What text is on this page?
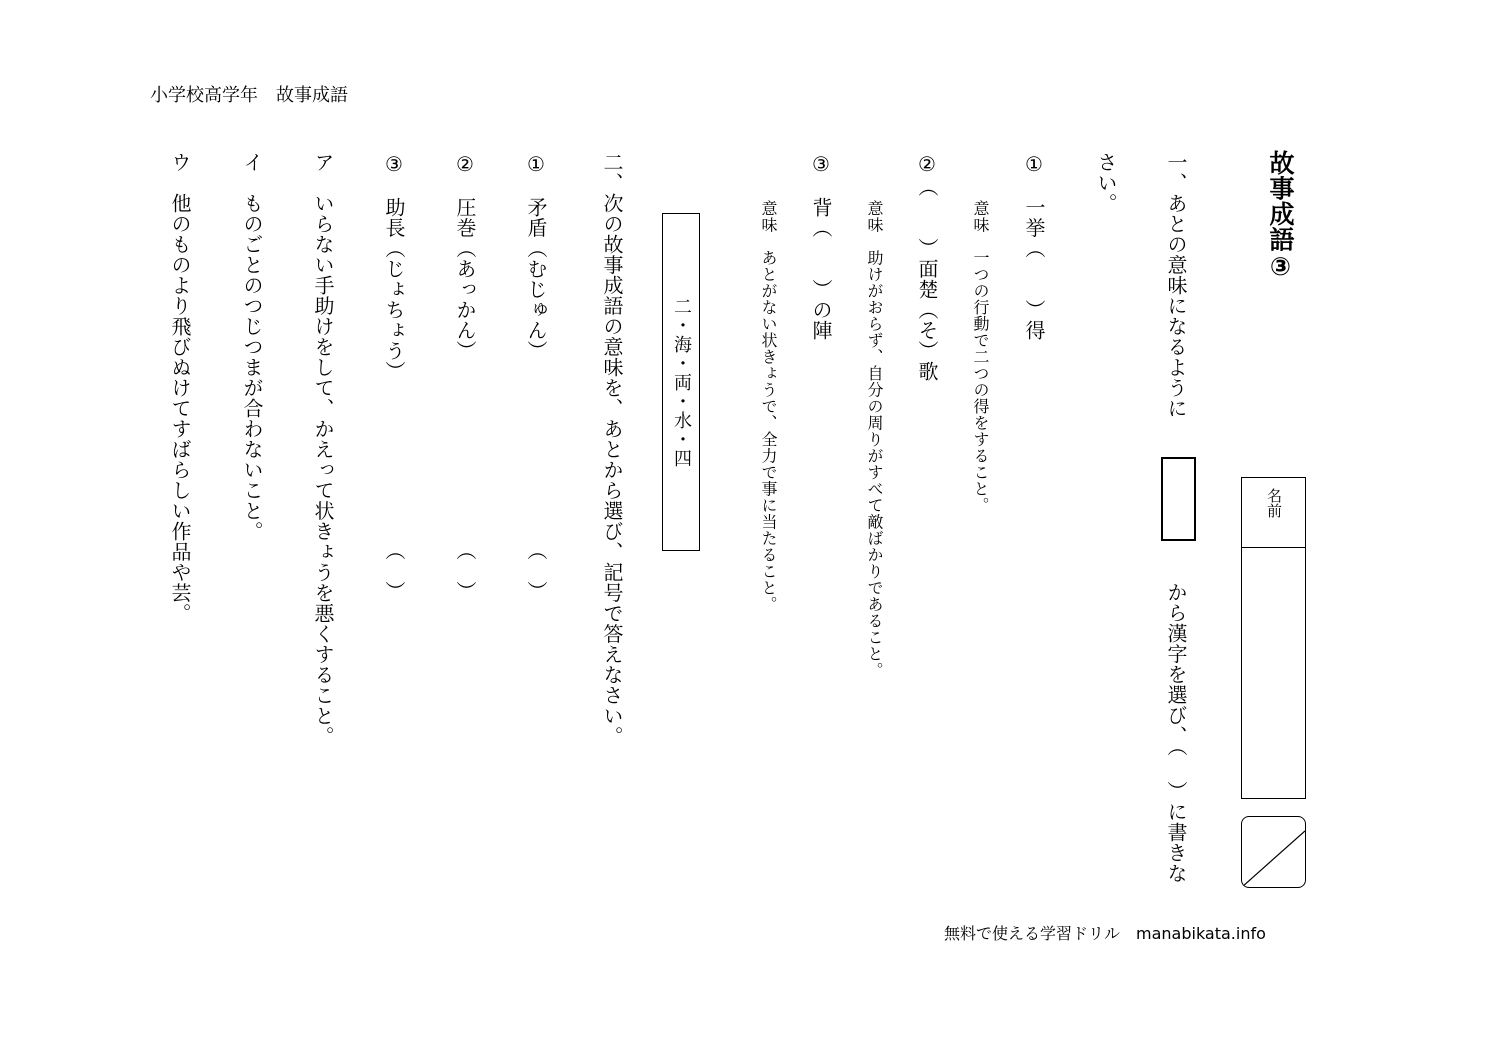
小学校高学年　故事成語
故事成語③
名前
一、あとの意味になるように
から漢字を選び、（ ）に書きな
さい。
①　一挙（　　）得
意味　一つの行動で二つの得をすること。
②（　　）面楚（そ）歌
意味　助けがおらず、自分の周りがすべて敵ばかりであること。
③　背（　　）の陣
意味　あとがない状きょうで、全力で事に当たること。
二・海・両・水・四
二、次の故事成語の意味を、あとから選び、記号で答えなさい。
①　矛盾（むじゅん）
（　）
②　圧巻（あっかん）
（　）
③　助長（じょちょう）
（　）
ア　いらない手助けをして、かえって状きょうを悪くすること。
イ　ものごとのつじつまが合わないこと。
ウ　他のものより飛びぬけてすばらしい作品や芸。
無料で使える学習ドリル　manabikata.info
